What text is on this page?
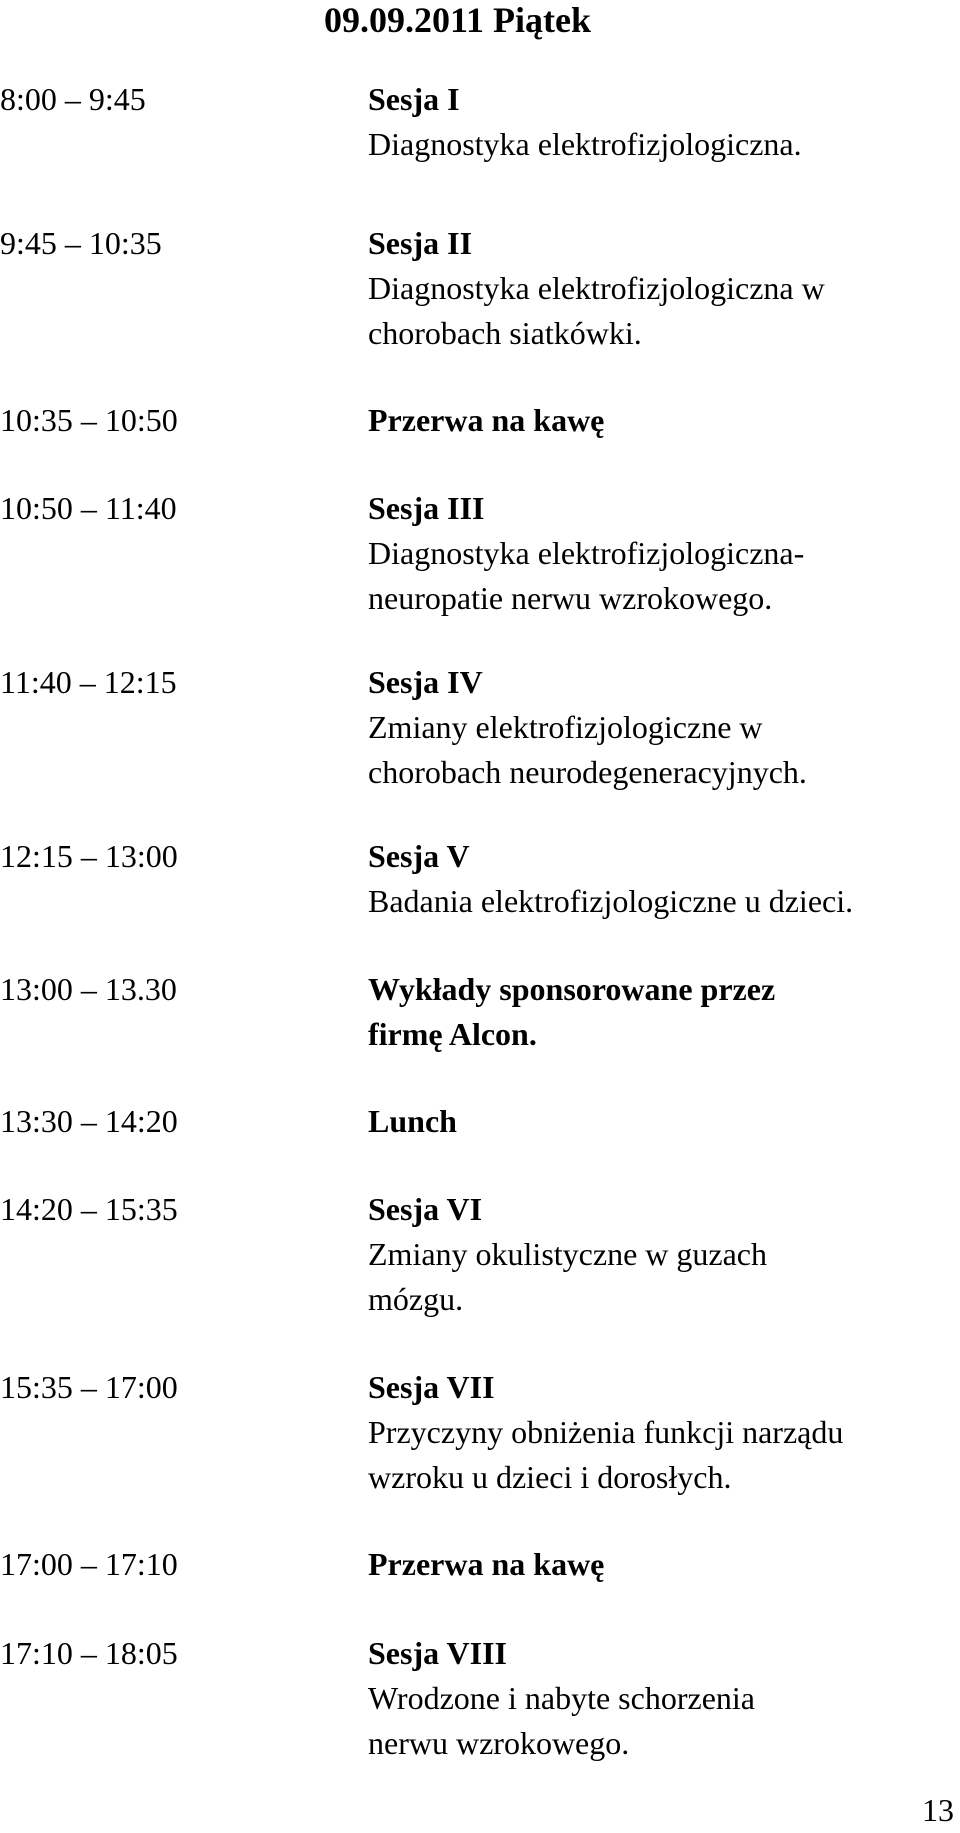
09.09.2011 Piątek
8:00 – 9:45	Sesja I
Diagnostyka elektrofizjologiczna.
9:45 – 10:35	Sesja II
Diagnostyka elektrofizjologiczna w
chorobach siatkówki.
10:35 – 10:50	Przerwa na kawę
10:50 – 11:40	Sesja III
Diagnostyka elektrofizjologiczna-
neuropatie nerwu wzrokowego.
11:40 – 12:15	Sesja IV
Zmiany elektrofizjologiczne w
chorobach neurodegeneracyjnych.
12:15 – 13:00	Sesja V
Badania elektrofizjologiczne u dzieci.
13:00 – 13.30	Wykłady sponsorowane przez
firmę Alcon.
13:30 – 14:20	Lunch
14:20 – 15:35	Sesja VI
Zmiany okulistyczne w guzach
mózgu.
15:35 – 17:00	Sesja VII
Przyczyny obniżenia funkcji narządu
wzroku u dzieci i dorosłych.
17:00 – 17:10	Przerwa na kawę
17:10 – 18:05	Sesja VIII
Wrodzone i nabyte schorzenia
nerwu wzrokowego.
13
